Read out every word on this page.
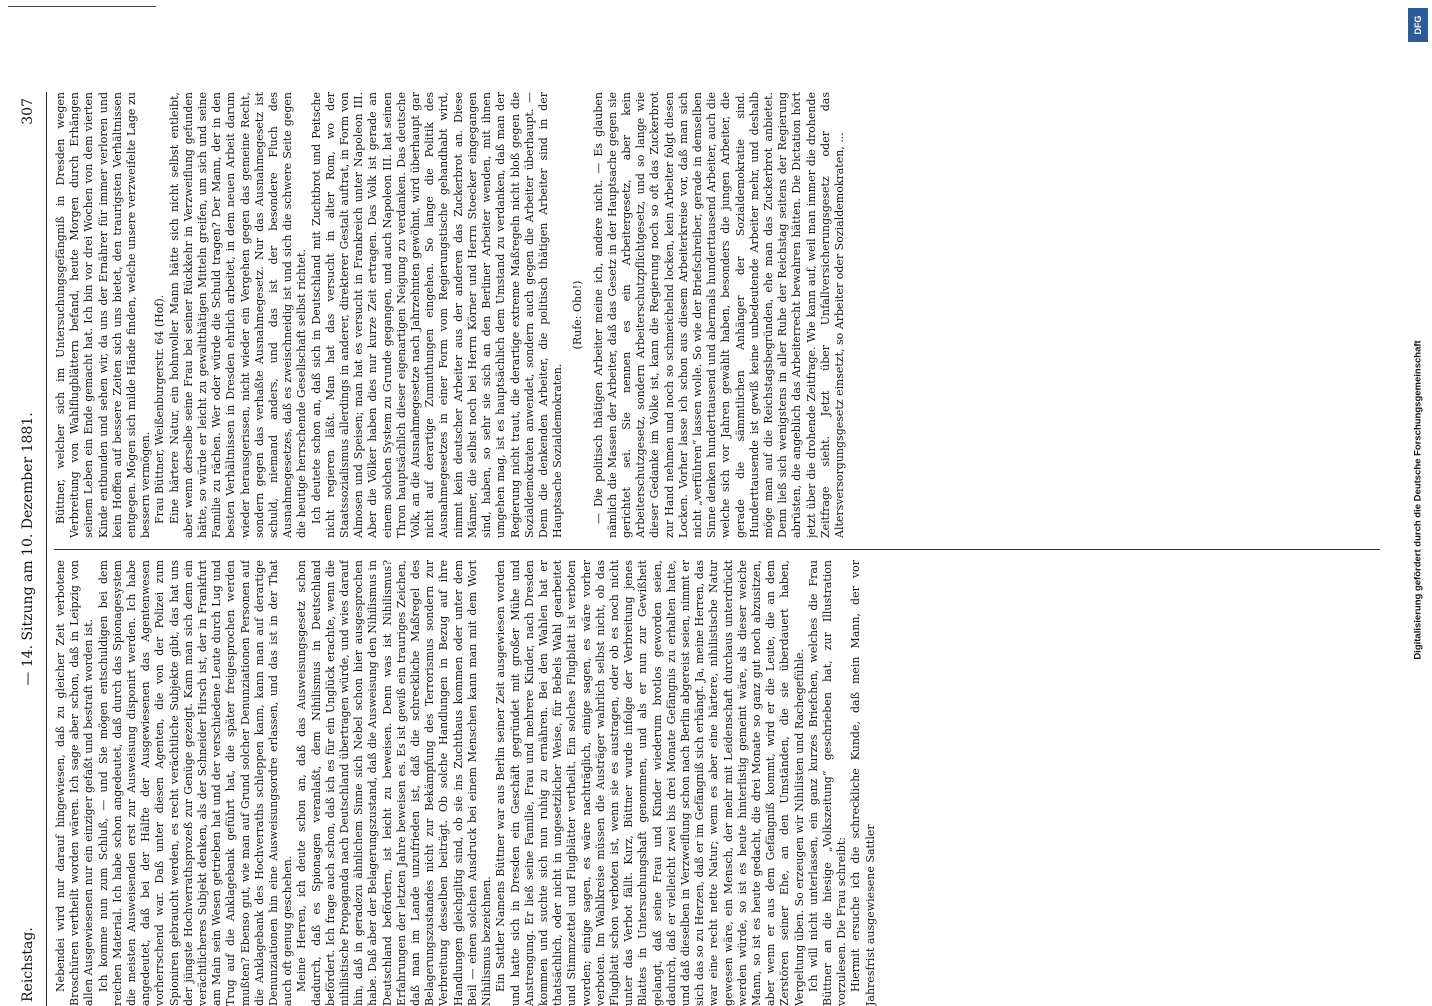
Reichstag.
— 14. Sitzung am 10. Dezember 1881.
307

Nebendei wird nur darauf hingewiesen, daß zu gleicher Zeit verbotene Broschüren vertheilt worden wären. Ich sage aber schon, daß in Leipzig von allen Ausgewiesenen nur ein einziger gefaßt und bestraft worden ist. Ich komme nun zum Schluß, — und Sie mögen entschuldigen bei dem reichen Material. Ich habe schon angedeutet, daß durch das Spionagesystem die meisten Ausweisenden erst zur Ausweisung disponirt werden. Ich habe angedeutet, daß bei der Hälfte der Ausgewiesenen das Agentenwesen vorherrschend war. Daß unter diesen Agenten, die von der Polizei zum Spioniren gebraucht werden, es recht verächtliche Subjekte gibt, das hat uns der jüngste Hochverrathsprozeß zur Genüge gezeigt. Kann man sich denn ein verächtlicheres Subjekt denken, als der Schneider Hirsch ist, der in Frankfurt am Main sein Wesen getrieben hat und der verschiedene Leute durch Lug und Trug auf die Anklagebank geführt hat, die später freigesprochen werden mußten? Ebenso gut, wie man auf Grund solcher Denunziationen Personen auf die Anklagebank des Hochverraths schleppen kann, kann man auf derartige Denunziationen hin eine Ausweisungsordre erlassen, und das ist in der That auch oft genug geschehen. Meine Herren, ich deute schon an, daß das Ausweisungsgesetz schon dadurch, daß es Spionagen veranlaßt, dem Nihilismus in Deutschland befördert. Ich frage auch schon, daß ich es für ein Unglück erachte, wenn die nihilistische Propaganda nach Deutschland übertragen würde, und wies darauf hin, daß in geradezu ähnlichem Sinne sich Nebel schon hier ausgesprochen habe. Daß aber der Belagerungszustand, daß die Ausweisung den Nihilismus in Deutschland befördern, ist leicht zu beweisen. Denn was ist Nihilismus? Erfahrungen der letzten Jahre beweisen es. Es ist gewiß ein trauriges Zeichen, daß man im Lande unzufrieden ist, daß die schreckliche Maßregel des Belagerungszustandes nicht zur Bekämpfung des Terrorismus sondern zur Verbreitung desselben beiträgt. Ob solche Handlungen in Bezug auf ihre Handlungen gleichgiltig sind, ob sie ins Zuchthaus kommen oder unter dem Beil — einen solchen Ausdruck bei einem Menschen kann man mit dem Wort Nihilismus bezeichnen. Ein Sattler Namens Büttner war aus Berlin seiner Zeit ausgewiesen worden und hatte sich in Dresden ein Geschäft gegründet mit großer Mühe und Anstrengung. Er ließ seine Familie, Frau und mehrere Kinder, nach Dresden kommen und suchte sich nun ruhig zu ernähren. Bei den Wahlen hat er thatsächlich, oder nicht in ungesetzlicher Weise, für Bebels Wahl gearbeitet und Stimmzettel und Flugblätter vertheilt. Ein solches Flugblatt ist verboten worden; einige sagen, es wäre nachträglich, einige sagen, es wäre vorher verboten. Im Wahlkreise müssen die Austräger wahrlich selbst nicht, ob das Flugblatt schon verboten ist, wenn sie es austragen, oder ob es noch nicht unter das Verbot fällt. Kurz, Büttner wurde infolge der Verbreitung jenes Blattes in Untersuchungshaft genommen, und als er nun zur Gewißheit gelangt, daß seine Frau und Kinder wiederum brotlos geworden seien, dadurch, daß er vielleicht zwei bis drei Monate Gefängnis zu erhalten hatte, und daß dieselben in Verzweiflung schon nach Berlin abgereist seien, nimmt er sich das so zu Herzen, daß er im Gefängniß sich erhängt. Ja, meine Herren, das war eine recht nette Natur; wenn es aber eine härtere, nihilistische Natur gewesen wäre, ein Mensch, der mehr mit Leidenschaft durchaus unterdrückt werden würde, so ist es heute hinterlistig gemeint wäre, als dieser weiche Mann, so ist es heute gedacht, die drei Monate so ganz gut noch abzusitzen, aber wenn er aus dem Gefängniß kommt, wird er die Leute, die an dem Zerstören seiner Ehe, an den Umständen, die sie überdauert haben, Vergeltung üben. So erzeugen wir Nihilisten und Rachegefühle. Ich will nicht unterlassen, ein ganz kurzes Briefchen, welches die Frau Büttner an die hiesige „Volkszeitung“ geschrieben hat, zur Illustration vorzulesen. Die Frau schreibt: Hiermit ersuche ich die schreckliche Kunde, daß mein Mann, der vor Jahresfrist ausgewiesene Sattler

Büttner, welcher sich im Untersuchungsgefängniß in Dresden wegen Verbreitung von Wahlflugblättern befand, heute Morgen durch Erhängen seinem Leben ein Ende gemacht hat. Ich bin vor drei Wochen von dem vierten Kinde entbunden und sehen wir, da uns der Ernährer für immer verloren und kein Hoffen auf bessere Zeiten sich uns bietet, den traurigsten Verhältnissen entgegen. Mögen sich milde Hände finden, welche unsere verzweifelte Lage zu bessern vermögen. Frau Büttner, Weißenburgerstr. 64 (Hof). Eine härtere Natur, ein hohnvoller Mann hätte sich nicht selbst entleibt, aber wenn derselbe seine Frau bei seiner Rückkehr in Verzweiflung gefunden hätte, so würde er leicht zu gewaltthätigen Mitteln greifen, um sich und seine Familie zu rächen. Wer oder würde die Schuld tragen? Der Mann, der in den besten Verhältnissen in Dresden ehrlich arbeitet, in dem neuen Arbeit darum wieder herausgerissen, nicht wieder ein Vergehen gegen das gemeine Recht, sondern gegen das verhaßte Ausnahmegesetz. Nur das Ausnahmegesetz ist schuld, niemand anders, und das ist der besondere Fluch des Ausnahmegesetzes, daß es zweischneidig ist und sich die schwere Seite gegen die heutige herrschende Gesellschaft selbst richtet. Ich deutete schon an, daß sich in Deutschland mit Zuchtbrot und Peitsche nicht regieren läßt. Man hat das versucht in alter Rom, wo der Staatssozialismus allerdings in anderer, direkterer Gestalt auftrat, in Form von Almosen und Speisen; man hat es versucht in Frankreich unter Napoleon III. Aber die Völker haben dies nur kurze Zeit ertragen. Das Volk ist gerade an einem solchen System zu Grunde gegangen, und auch Napoleon III. hat seinen Thron hauptsächlich dieser eigenartigen Neigung zu verdanken. Das deutsche Volk, an die Ausnahmegesetze nach Jahrzehnten gewöhnt, wird überhaupt gar nicht auf derartige Zumuthungen eingehen. So lange die Politik des Ausnahmegesetzes in einer Form vom Regierungstische gehandhabt wird, nimmt kein deutscher Arbeiter aus der anderen das Zuckerbrot an. Diese Männer, die selbst noch bei Herrn Körner und Herrn Stoecker eingegangen sind, haben, so sehr sie sich an den Berliner Arbeiter wenden, mit ihnen umgehen mag, ist es hauptsächlich dem Umstand zu verdanken, daß man der Regierung nicht traut, die derartige extreme Maßregeln nicht bloß gegen die Sozialdemokraten anwendet, sondern auch gegen die Arbeiter überhaupt. — Denn die denkenden Arbeiter, die politisch thätigen Arbeiter sind in der Hauptsache Sozialdemokraten.

(Rufe: Oho!) — Die politisch thätigen Arbeiter meine ich, andere nicht. — Es glauben nämlich die Massen der Arbeiter, daß das Gesetz in der Hauptsache gegen sie gerichtet sei. Sie nennen es ein Arbeitergesetz, aber kein Arbeiterschutzgesetz, sondern Arbeiterschutzpflichtgesetz, und so lange wie dieser Gedanke im Volke ist, kann die Regierung noch so oft das Zuckerbrot zur Hand nehmen und noch so schmeichelnd locken, kein Arbeiter folgt diesen Locken. Vorher lasse ich schon aus diesem Arbeiterkreise vor, daß man sich nicht „verführen“ lassen wolle. So wie der Briefschreiber, gerade in demselben Sinne denken hunderttausend und abermals hunderttausend Arbeiter, auch die welche sich vor Jahren gewählt haben, besonders die jungen Arbeiter, die gerade die sämmtlichen Anhänger der Sozialdemokratie sind. Hunderttausende ist gewiß keine unbedeutende Arbeiter mehr, und deshalb möge man auf die Reichstagsbegründen, ehe man das Zuckerbrot anbietet. Denn ließ sich wenigstens in aller Ruhe der Reichstag seitens der Regierung abrüsten, die angeblich das Arbeiterrecht bewahren hätten. Die Dictation hört jetzt über die drohende Zeitfrage. Wie kann auf, weil man immer die drohende Zeitfrage sieht. Jetzt über Unfallversicherungsgesetz oder das Altersversorgungsgesetz einsetzt, so Arbeiter oder Sozialdemokraten, ...

DFG
Digitalisierung gefördert durch die Deutsche Forschungsgemeinschaft
